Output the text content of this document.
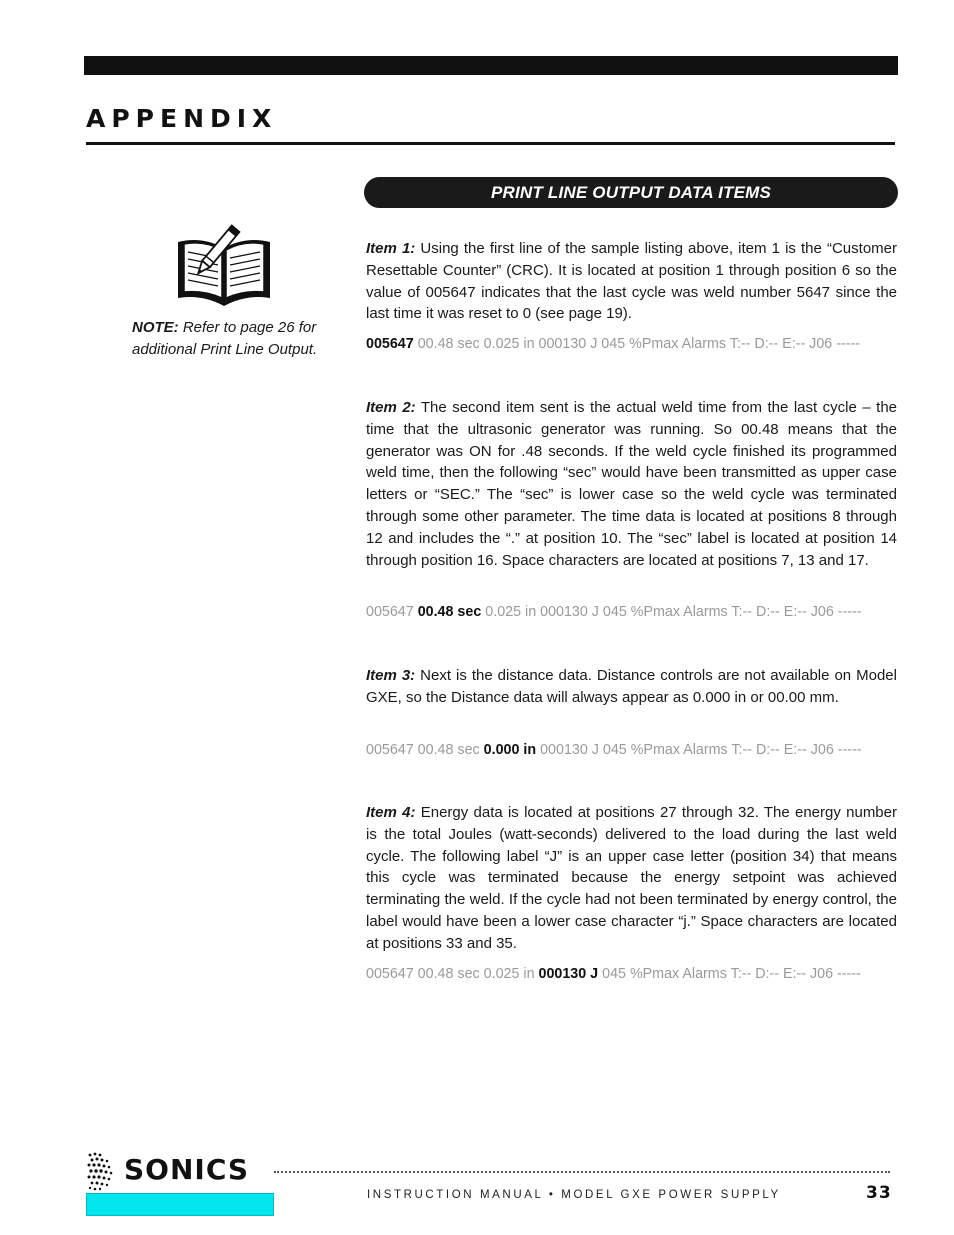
APPENDIX
PRINT LINE OUTPUT DATA ITEMS
NOTE: Refer to page 26 for additional Print Line Output.
Item 1: Using the first line of the sample listing above, item 1 is the “Customer Resettable Counter” (CRC). It is located at position 1 through position 6 so the value of 005647 indicates that the last cycle was weld number 5647 since the last time it was reset to 0 (see page 19).
005647 00.48 sec 0.025 in 000130 J 045 %Pmax Alarms T:-- D:-- E:-- J06 -----
Item 2: The second item sent is the actual weld time from the last cycle – the time that the ultrasonic generator was running. So 00.48 means that the generator was ON for .48 seconds. If the weld cycle finished its programmed weld time, then the following “sec” would have been transmitted as upper case letters or “SEC.” The “sec” is lower case so the weld cycle was terminated through some other parameter. The time data is located at positions 8 through 12 and includes the “.” at position 10. The “sec” label is located at position 14 through position 16. Space characters are located at positions 7, 13 and 17.
005647 00.48 sec 0.025 in 000130 J 045 %Pmax Alarms T:-- D:-- E:-- J06 -----
Item 3: Next is the distance data. Distance controls are not available on Model GXE, so the Distance data will always appear as 0.000 in or 00.00 mm.
005647 00.48 sec 0.000 in 000130 J 045 %Pmax Alarms T:-- D:-- E:-- J06 -----
Item 4: Energy data is located at positions 27 through 32. The energy number is the total Joules (watt-seconds) delivered to the load during the last weld cycle. The following label “J” is an upper case letter (position 34) that means this cycle was terminated because the energy setpoint was achieved terminating the weld. If the cycle had not been terminated by energy control, the label would have been a lower case character “j.” Space characters are located at positions 33 and 35.
005647 00.48 sec 0.025 in 000130 J 045 %Pmax Alarms T:-- D:-- E:-- J06 -----
SONICS
INSTRUCTION MANUAL • MODEL GXE POWER SUPPLY	33
